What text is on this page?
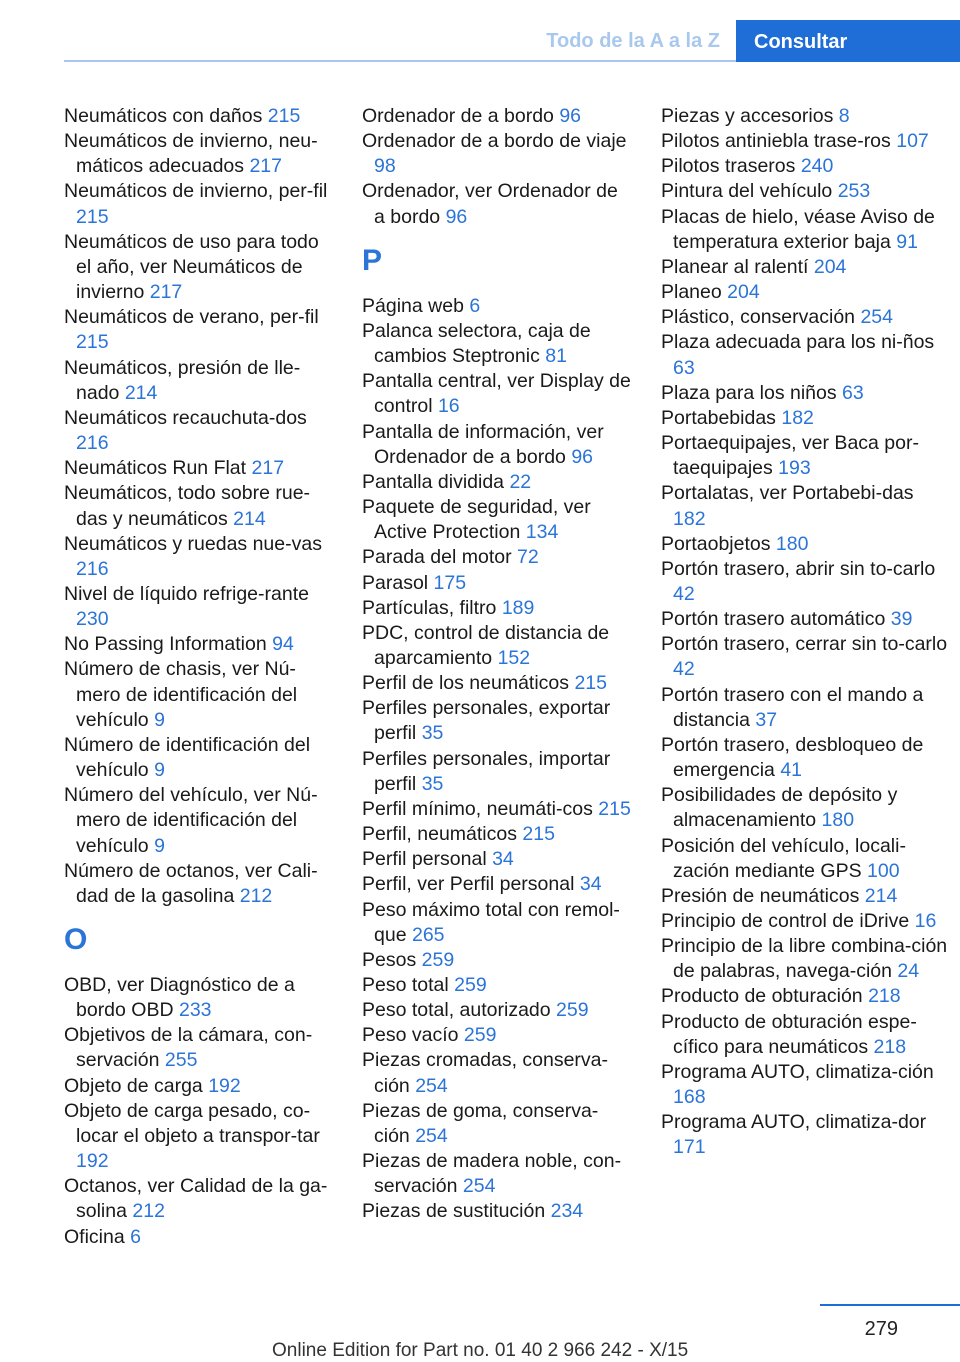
Todo de la A a la Z	Consultar
Neumáticos con daños 215
Neumáticos de invierno, neu‐máticos adecuados 217
Neumáticos de invierno, per‐fil 215
Neumáticos de uso para todo el año, ver Neumáticos de invierno 217
Neumáticos de verano, per‐fil 215
Neumáticos, presión de lle‐nado 214
Neumáticos recauchuta‐dos 216
Neumáticos Run Flat 217
Neumáticos, todo sobre rue‐das y neumáticos 214
Neumáticos y ruedas nue‐vas 216
Nivel de líquido refrige‐rante 230
No Passing Information 94
Número de chasis, ver Nú‐mero de identificación del vehículo 9
Número de identificación del vehículo 9
Número del vehículo, ver Nú‐mero de identificación del vehículo 9
Número de octanos, ver Cali‐dad de la gasolina 212
O
OBD, ver Diagnóstico de a bordo OBD 233
Objetivos de la cámara, con‐servación 255
Objeto de carga 192
Objeto de carga pesado, co‐locar el objeto a transpor‐tar 192
Octanos, ver Calidad de la ga‐solina 212
Oficina 6
Ordenador de a bordo 96
Ordenador de a bordo de viaje 98
Ordenador, ver Ordenador de a bordo 96
P
Página web 6
Palanca selectora, caja de cambios Steptronic 81
Pantalla central, ver Display de control 16
Pantalla de información, ver Ordenador de a bordo 96
Pantalla dividida 22
Paquete de seguridad, ver Active Protection 134
Parada del motor 72
Parasol 175
Partículas, filtro 189
PDC, control de distancia de aparcamiento 152
Perfil de los neumáticos 215
Perfiles personales, exportar perfil 35
Perfiles personales, importar perfil 35
Perfil mínimo, neumáti‐cos 215
Perfil, neumáticos 215
Perfil personal 34
Perfil, ver Perfil personal 34
Peso máximo total con remol‐que 265
Pesos 259
Peso total 259
Peso total, autorizado 259
Peso vacío 259
Piezas cromadas, conserva‐ción 254
Piezas de goma, conserva‐ción 254
Piezas de madera noble, con‐servación 254
Piezas de sustitución 234
Piezas y accesorios 8
Pilotos antiniebla trase‐ros 107
Pilotos traseros 240
Pintura del vehículo 253
Placas de hielo, véase Aviso de temperatura exterior baja 91
Planear al ralentí 204
Planeo 204
Plástico, conservación 254
Plaza adecuada para los ni‐ños 63
Plaza para los niños 63
Portabebidas 182
Portaequipajes, ver Baca por‐taequipajes 193
Portalatas, ver Portabebi‐das 182
Portaobjetos 180
Portón trasero, abrir sin to‐carlo 42
Portón trasero automático 39
Portón trasero, cerrar sin to‐carlo 42
Portón trasero con el mando a distancia 37
Portón trasero, desbloqueo de emergencia 41
Posibilidades de depósito y almacenamiento 180
Posición del vehículo, locali‐zación mediante GPS 100
Presión de neumáticos 214
Principio de control de iDrive 16
Principio de la libre combina‐ción de palabras, navega‐ción 24
Producto de obturación 218
Producto de obturación espe‐cífico para neumáticos 218
Programa AUTO, climatiza‐ción 168
Programa AUTO, climatiza‐dor 171
279
Online Edition for Part no. 01 40 2 966 242 - X/15
